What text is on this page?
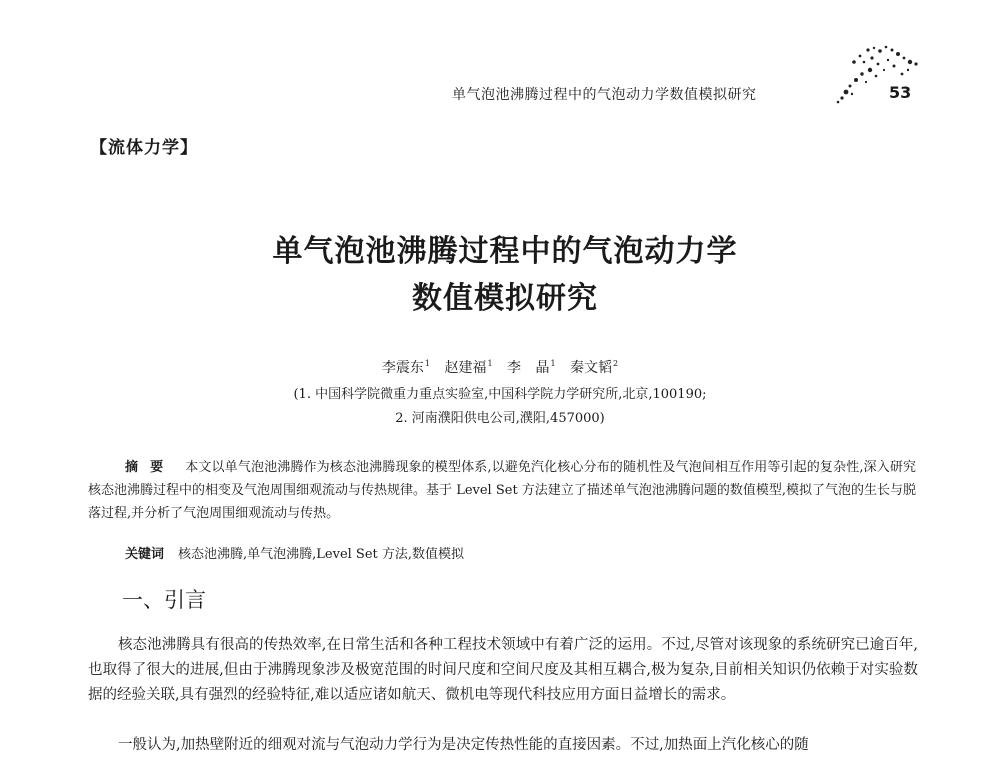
单气泡池沸腾过程中的气泡动力学数值模拟研究	53
【流体力学】
单气泡池沸腾过程中的气泡动力学
数值模拟研究
李震东$^1$ 赵建福$^1$ 李 晶$^1$ 秦文韬$^2$
(1. 中国科学院微重力重点实验室,中国科学院力学研究所,北京,100190;
2. 河南濮阳供电公司,濮阳,457000)
摘要 本文以单气泡池沸腾作为核态池沸腾现象的模型体系,以避免汽化核心分布的随机性及气泡间相互作用等引起的复杂性,深入研究核态池沸腾过程中的相变及气泡周围细观流动与传热规律。基于 Level Set 方法建立了描述单气泡池沸腾问题的数值模型,模拟了气泡的生长与脱落过程,并分析了气泡周围细观流动与传热。
关键词 核态池沸腾,单气泡沸腾,Level Set 方法,数值模拟
一、引言

核态池沸腾具有很高的传热效率,在日常生活和各种工程技术领域中有着广泛的运用。不过,尽管对该现象的系统研究已逾百年,也取得了很大的进展,但由于沸腾现象涉及极宽范围的时间尺度和空间尺度及其相互耦合,极为复杂,目前相关知识仍依赖于对实验数据的经验关联,具有强烈的经验特征,难以适应诸如航天、微机电等现代科技应用方面日益增长的需求。

一般认为,加热壁附近的细观对流与气泡动力学行为是决定传热性能的直接因素。不过,加热面上汽化核心的随
